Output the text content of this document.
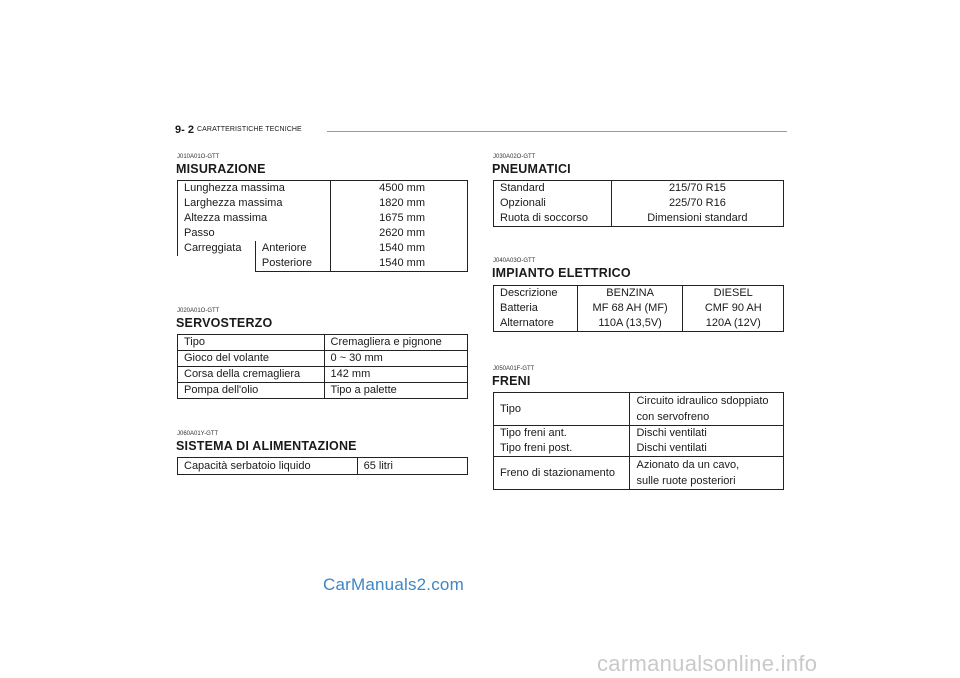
9- 2 CARATTERISTICHE TECNICHE
J010A01O-GTT
MISURAZIONE
Lunghezza massima		4500 mm
Larghezza massima		1820 mm
Altezza massima		1675 mm
Passo		2620 mm
Carreggiata	Anteriore	1540 mm
	Posteriore	1540 mm
J020A01O-GTT
SERVOSTERZO
Tipo	Cremagliera e pignone
Gioco del volante	0 ~ 30 mm
Corsa della cremagliera	142 mm
Pompa dell'olio	Tipo a palette
J060A01Y-GTT
SISTEMA DI ALIMENTAZIONE
Capacità serbatoio liquido	65 litri
J030A02O-GTT
PNEUMATICI
Standard	215/70 R15
Opzionali	225/70 R16
Ruota di soccorso	Dimensioni standard
J040A03O-GTT
IMPIANTO ELETTRICO
Descrizione	BENZINA	DIESEL
Batteria	MF 68 AH (MF)	CMF 90 AH
Alternatore	110A (13,5V)	120A (12V)
J050A01F-GTT
FRENI
Tipo	Circuito idraulico sdoppiato
con servofreno

Tipo freni ant.	Dischi ventilati
Tipo freni post.	Dischi ventilati
Freno di stazionamento	Azionato da un cavo,
sulle ruote posteriori
CarManuals2.com
carmanualsonline.info
